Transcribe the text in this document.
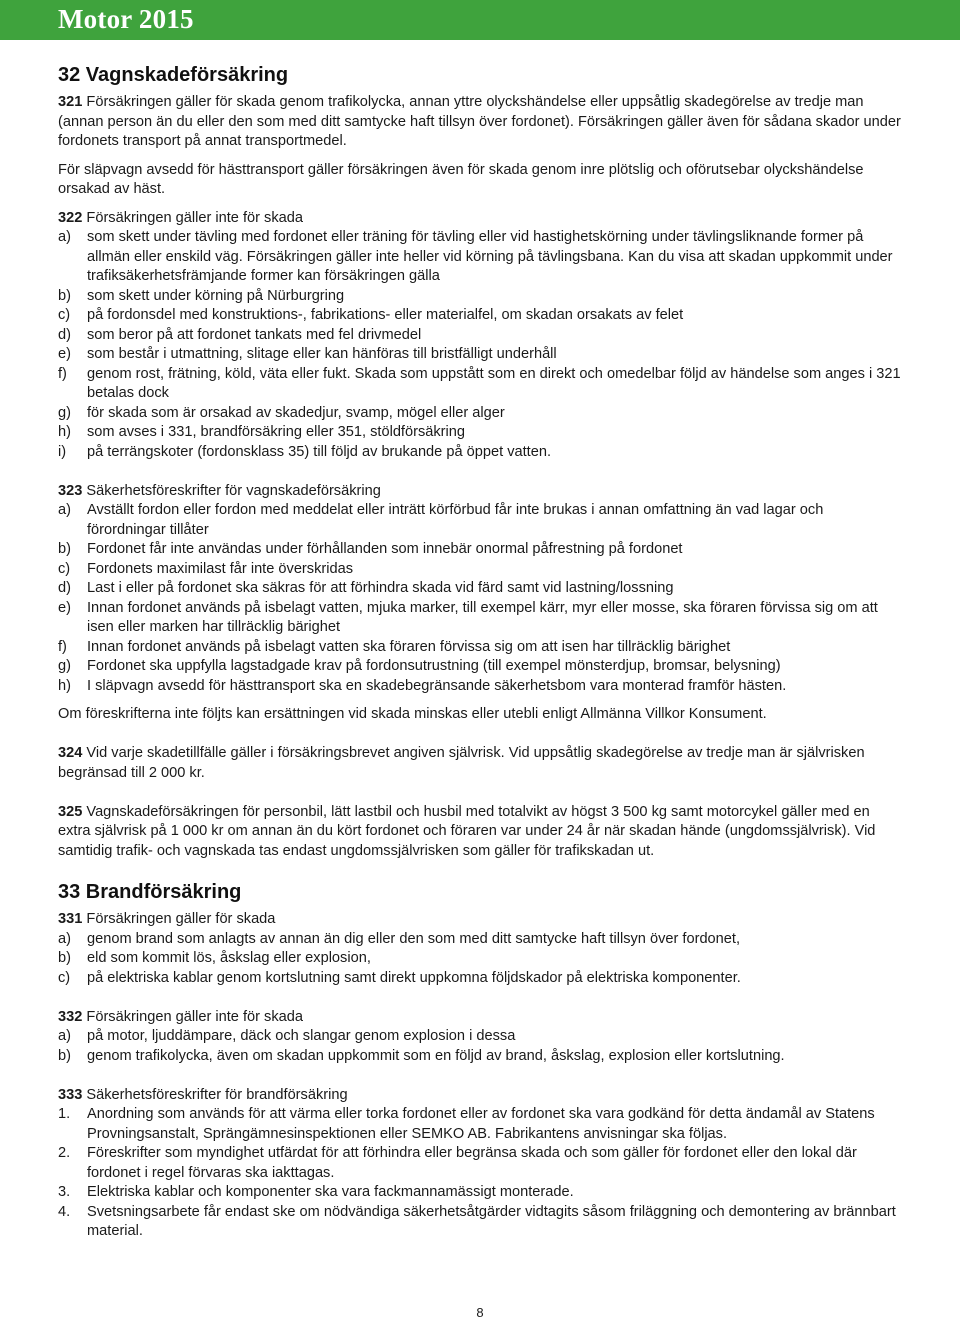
Motor 2015
32 Vagnskadeförsäkring

321 Försäkringen gäller för skada genom trafikolycka, annan yttre olyckshändelse eller uppsåtlig skadegörelse av tredje man (annan person än du eller den som med ditt samtycke haft tillsyn över fordonet). Försäkringen gäller även för sådana skador under fordonets transport på annat transportmedel.

För släpvagn avsedd för hästtransport gäller försäkringen även för skada genom inre plötslig och oförutsebar olyckshändelse orsakad av häst.

322 Försäkringen gäller inte för skada

a)	som skett under tävling med fordonet eller träning för tävling eller vid hastighetskörning under tävlingsliknande former på allmän eller enskild väg. Försäkringen gäller inte heller vid körning på tävlingsbana. Kan du visa att skadan uppkommit under trafiksäkerhetsfrämjande former kan försäkringen gälla
b)	som skett under körning på Nürburgring
c)	på fordonsdel med konstruktions-, fabrikations- eller materialfel, om skadan orsakats av felet
d)	som beror på att fordonet tankats med fel drivmedel
e)	som består i utmattning, slitage eller kan hänföras till bristfälligt underhåll
f)	genom rost, frätning, köld, väta eller fukt. Skada som uppstått som en direkt och omedelbar följd av händelse som anges i 321 betalas dock
g)	för skada som är orsakad av skadedjur, svamp, mögel eller alger
h)	som avses i 331, brandförsäkring eller 351, stöldförsäkring
i)	på terrängskoter (fordonsklass 35) till följd av brukande på öppet vatten.

323 Säkerhetsföreskrifter för vagnskadeförsäkring

a)	Avställt fordon eller fordon med meddelat eller inträtt körförbud får inte brukas i annan omfattning än vad lagar och förordningar tillåter
b)	Fordonet får inte användas under förhållanden som innebär onormal påfrestning på fordonet
c)	Fordonets maximilast får inte överskridas
d)	Last i eller på fordonet ska säkras för att förhindra skada vid färd samt vid lastning/lossning
e)	Innan fordonet används på isbelagt vatten, mjuka marker, till exempel kärr, myr eller mosse, ska föraren förvissa sig om att isen eller marken har tillräcklig bärighet
f)	Innan fordonet används på isbelagt vatten ska föraren förvissa sig om att isen har tillräcklig bärighet
g)	Fordonet ska uppfylla lagstadgade krav på fordonsutrustning (till exempel mönsterdjup, bromsar, belysning)
h)	I släpvagn avsedd för hästtransport ska en skadebegränsande säkerhetsbom vara monterad framför hästen.

Om föreskrifterna inte följts kan ersättningen vid skada minskas eller utebli enligt Allmänna Villkor Konsument.

324 Vid varje skadetillfälle gäller i försäkringsbrevet angiven självrisk. Vid uppsåtlig skadegörelse av tredje man är självrisken begränsad till 2 000 kr.

325 Vagnskadeförsäkringen för personbil, lätt lastbil och husbil med totalvikt av högst 3 500 kg samt motorcykel gäller med en extra självrisk på 1 000 kr om annan än du kört fordonet och föraren var under 24 år när skadan hände (ungdomssjälvrisk). Vid samtidig trafik- och vagnskada tas endast ungdomssjälvrisken som gäller för trafikskadan ut.

33 Brandförsäkring

331 Försäkringen gäller för skada

a)	genom brand som anlagts av annan än dig eller den som med ditt samtycke haft tillsyn över fordonet,
b)	eld som kommit lös, åskslag eller explosion,
c)	på elektriska kablar genom kortslutning samt direkt uppkomna följdskador på elektriska komponenter.

332 Försäkringen gäller inte för skada

a)	på motor, ljuddämpare, däck och slangar genom explosion i dessa
b)	genom trafikolycka, även om skadan uppkommit som en följd av brand, åskslag, explosion eller kortslutning.

333 Säkerhetsföreskrifter för brandförsäkring

1.	Anordning som används för att värma eller torka fordonet eller av fordonet ska vara godkänd för detta ändamål av Statens Provningsanstalt, Sprängämnesinspektionen eller SEMKO AB. Fabrikantens anvisningar ska följas.
2.	Föreskrifter som myndighet utfärdat för att förhindra eller begränsa skada och som gäller för fordonet eller den lokal där fordonet i regel förvaras ska iakttagas.
3.	Elektriska kablar och komponenter ska vara fackmannamässigt monterade.
4.	Svetsningsarbete får endast ske om nödvändiga säkerhetsåtgärder vidtagits såsom friläggning och demontering av brännbart material.
8
